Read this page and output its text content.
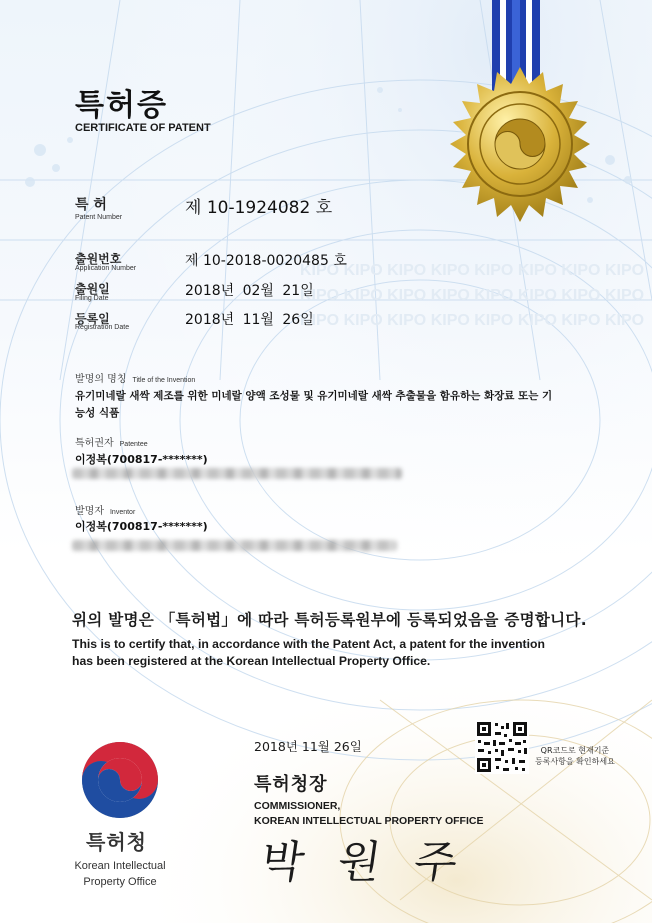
특허증
CERTIFICATE OF PATENT
특 허
Patent Number	제 10-1924082 호
KIPO KIPO KIPO KIPO KIPO KIPO KIPO KIPO
KIPO KIPO KIPO KIPO KIPO KIPO KIPO KIPO
KIPO KIPO KIPO KIPO KIPO KIPO KIPO KIPO
출원번호
Application Number	제 10-2018-0020485 호
출원일
Filing Date	2018년 02월 21일
등록일
Registration Date	2018년 11월 26일
발명의 명칭 Title of the Invention
유기미네랄 새싹 제조를 위한 미네랄 양액 조성물 및 유기미네랄 새싹 추출물을 함유하는 화장료 또는 기
능성 식품
특허권자 Patentee
이정복(700817-*******)
발명자 Inventor
이정복(700817-*******)
위의 발명은 「특허법」에 따라 특허등록원부에 등록되었음을 증명합니다.
This is to certify that, in accordance with the Patent Act, a patent for the invention
has been registered at the Korean Intellectual Property Office.
2018년 11월 26일
특허청장
COMMISSIONER,
KOREAN INTELLECTUAL PROPERTY OFFICE
박 원 주
QR코드로 현재기준
등록사항을 확인하세요
특허청
Korean Intellectual
Property Office
